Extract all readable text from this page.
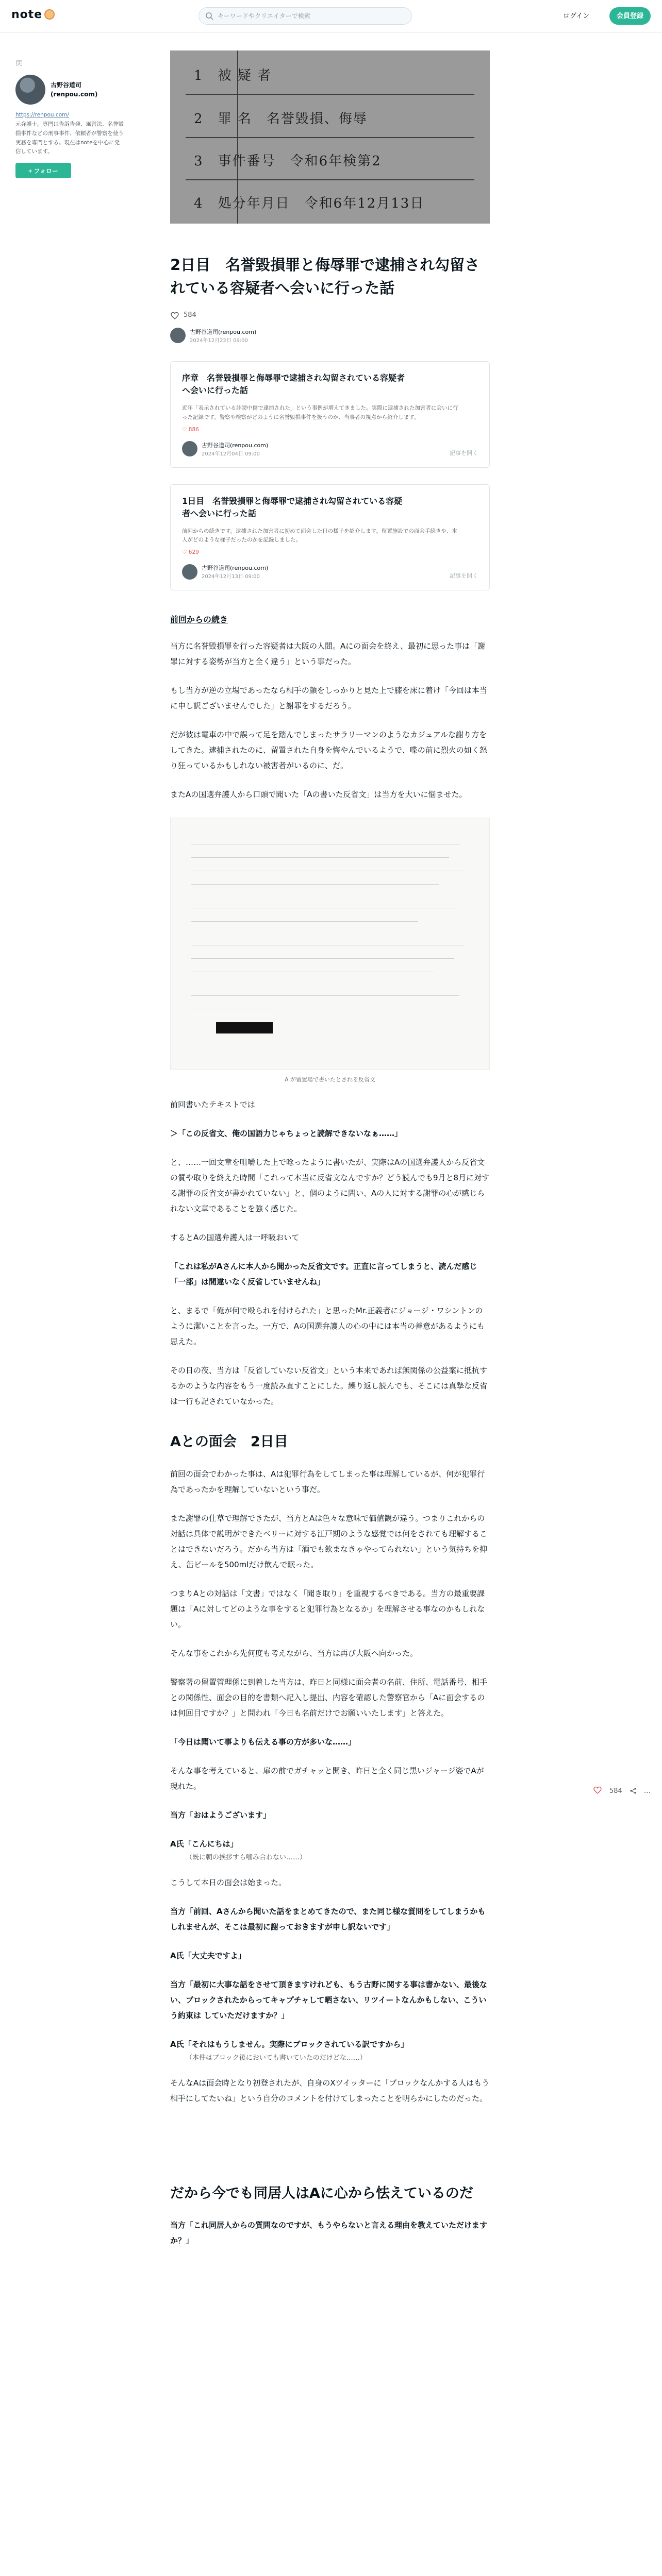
note
キーワードやクリエイターで検索	ログイン	会員登録
戻
古野谷道司
(renpou.com)
https://renpou.com/
元弁護士。専門は告訴告発、風営法、名誉毀損事件などの刑事事件、依頼者が警察を使う実務を専門とする。現在はnoteを中心に発信しています。
+ フォロー
1　 被 疑 者
2　 罪 名　 名誉毀損、侮辱
3　 事件番号　 令和6年検第2
4　 処分年月日　 令和6年12月13日
2日目　名誉毀損罪と侮辱罪で逮捕され勾留されている容疑者へ会いに行った話
584
古野谷道司(renpou.com)
2024年12月22日 09:00
序章　名誉毀損罪と侮辱罪で逮捕され勾留されている容疑者へ会いに行った話
近年「表示されている誹謗中傷で逮捕された」という事例が増えてきました。実際に逮捕された加害者に会いに行った記録です。警察や検察がどのように名誉毀損事件を扱うのか、当事者の視点から紹介します。
♡ 886
古野谷道司(renpou.com)
2024年12月04日 09:00	記事を開く
1日目　名誉毀損罪と侮辱罪で逮捕され勾留されている容疑者へ会いに行った話
前回からの続きです。逮捕された加害者に初めて面会した日の様子を紹介します。留置施設での面会手続きや、本人がどのような様子だったのかを記録しました。
♡ 629
古野谷道司(renpou.com)
2024年12月13日 09:00	記事を開く
前回からの続き

当方に名誉毀損罪を行った容疑者は大阪の人間。Aにの面会を終え、最初に思った事は「謝罪に対する姿勢が当方と全く違う」という事だった。

もし当方が逆の立場であったなら相手の顔をしっかりと見た上で膝を床に着け「今回は本当に申し訳ございませんでした」と謝罪をするだろう。

だが彼は電車の中で誤って足を踏んでしまったサラリーマンのようなカジュアルな謝り方をしてきた。逮捕されたのに、留置された自身を悔やんでいるようで、喋の前に烈火の如く怒り狂っているかもしれない被害者がいるのに、だ。

またAの国選弁護人から口頭で聞いた「Aの書いた反省文」は当方を大いに悩ませた。

A が留置場で書いたとされる反省文

前回書いたテキストでは

＞「この反省文、俺の国語力じゃちょっと読解できないなぁ……」

と、……一回文章を咀嚼した上で唸ったように書いたが、実際はAの国選弁護人から反省文の質や取りを終えた時間「これって本当に反省文なんですか？どう読んでも9月と8月に対する謝罪の反省文が書かれていない」と、個のように問い、Aの人に対する謝罪の心が感じられない文章であることを強く感じた。

するとAの国選弁護人は一呼吸おいて

「これは私がAさんに本人から聞かった反省文です。正直に言ってしまうと、読んだ感じ「一部」は間違いなく反省していませんね」

と、まるで「俺が何で殴られを付けられた」と思ったMr.正義者にジョージ・ワシントンのように潔いことを言った。一方で、Aの国選弁護人の心の中には本当の善意があるようにも思えた。

その日の夜、当方は「反省していない反省文」という本来であれば無関係の公益案に抵抗するかのような内容をもう一度読み直すことにした。繰り返し読んでも、そこには真摯な反省は一行も記されていなかった。

Aとの面会　2日目

前回の面会でわかった事は、Aは犯罪行為をしてしまった事は理解しているが、何が犯罪行為であったかを理解していないという事だ。

また謝罪の仕草で理解できたが、当方とAは色々な意味で価値観が違う。つまりこれからの対話は具体で説明ができたベリーに対する江戸期のような感覚では何をされても理解することはできないだろう。だから当方は「酒でも飲まなきゃやってられない」という気持ちを抑え、缶ビールを500mlだけ飲んで眠った。

つまりAとの対話は「文書」ではなく「聞き取り」を重視するべきである。当方の最重要課題は「Aに対してどのような事をすると犯罪行為となるか」を理解させる事なのかもしれない。

そんな事をこれから先何度も考えながら、当方は再び大阪へ向かった。

警察署の留置管理係に到着した当方は、昨日と同様に面会者の名前、住所、電話番号、相手との関係性、面会の目的を書類へ記入し提出、内容を確認した警察官から「Aに面会するのは何回目ですか？」と問われ「今日も名前だけでお願いいたします」と答えた。

「今日は聞いて事よりも伝える事の方が多いな……」

そんな事を考えていると、扉の前でガチャッと開き、昨日と全く同じ黒いジャージ姿でAが現れた。

当方「おはようございます」

A氏「こんにちは」

（既に朝の挨拶すら噛み合わない……）

こうして本日の面会は始まった。

当方「前回、Aさんから聞いた話をまとめてきたので、また同じ様な質問をしてしまうかもしれませんが、そこは最初に謝っておきますが申し訳ないです」

A氏「大丈夫ですよ」

当方「最初に大事な話をさせて頂きますけれども、もう古野に関する事は書かない、最後ない、ブロックされたからってキャプチャして晒さない、リツイートなんかもしない、こういう約束は していただけますか？」

A氏「それはもうしません。実際にブロックされている訳ですから」

（本件はブロック後においても書いていたのだけどな……）

そんなAは面会時となり初登されたが、自身のXツイッターに「ブロックなんかする人はもう相手にしてたいね」という自分のコメントを付けてしまったことを明らかにしたのだった。

だから今でも同居人はAに心から怯えているのだ

当方「これ同居人からの質問なのですが、もうやらないと言える理由を教えていただけますか？」

584	…
